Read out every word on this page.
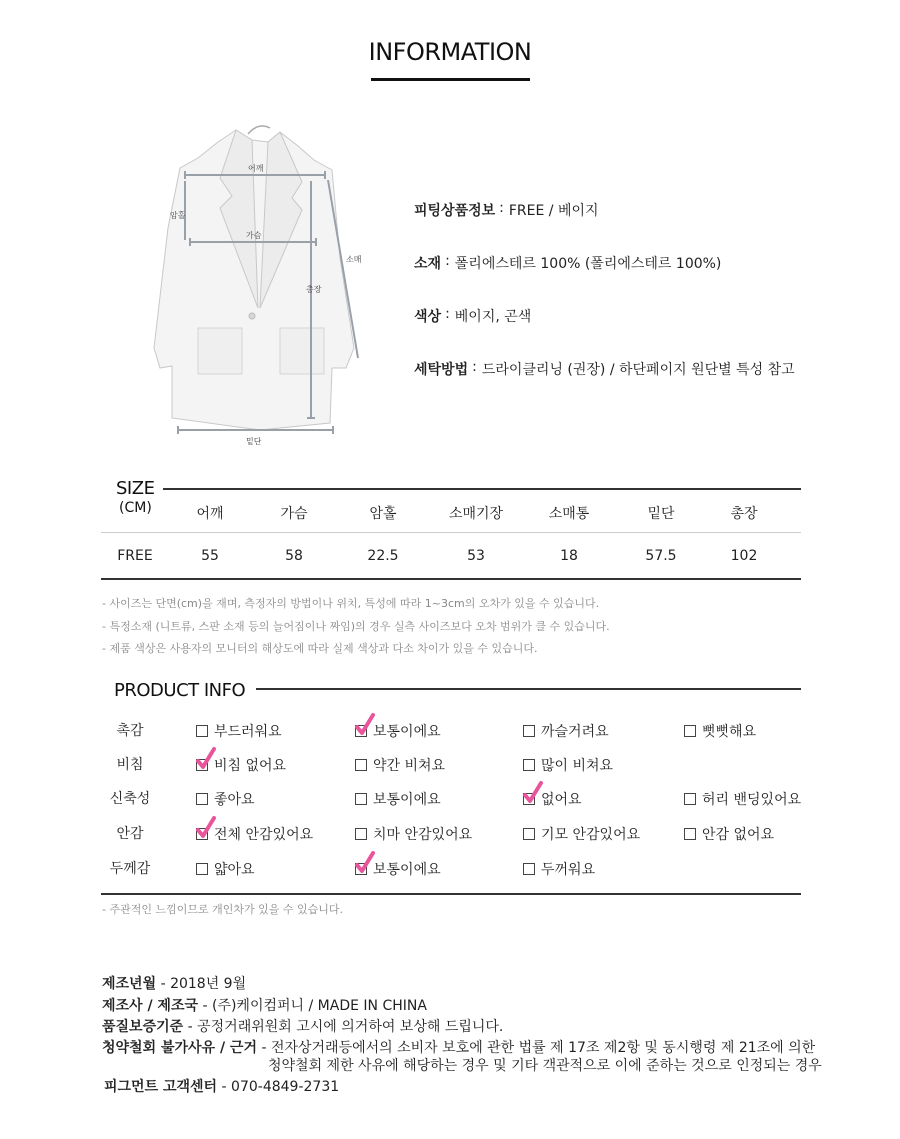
INFORMATION
어깨
암홀
가슴
소매
총장
밑단
피팅상품정보 : FREE / 베이지
소재 : 폴리에스테르 100% (폴리에스테르 100%)
색상 : 베이지, 곤색
세탁방법 : 드라이클리닝 (권장) / 하단페이지 원단별 특성 참고
SIZE
(CM)	어깨	가슴	암홀	소매기장	소매통	밑단	총장
FREE	55	58	22.5	53	18	57.5	102
- 사이즈는 단면(cm)을 재며, 측정자의 방법이나 위치, 특성에 따라 1~3cm의 오차가 있을 수 있습니다.
- 특정소재 (니트류, 스판 소재 등의 늘어짐이나 짜임)의 경우 실측 사이즈보다 오차 범위가 클 수 있습니다.
- 제품 색상은 사용자의 모니터의 해상도에 따라 실제 색상과 다소 차이가 있을 수 있습니다.
PRODUCT INFO
촉감	부드러워요	보통이에요	까슬거려요	뻣뻣해요
비침	비침 없어요	약간 비쳐요	많이 비쳐요
신축성	좋아요	보통이에요	없어요	허리 밴딩있어요
안감	전체 안감있어요	치마 안감있어요	기모 안감있어요	안감 없어요
두께감	얇아요	보통이에요	두꺼워요
- 주관적인 느낌이므로 개인차가 있을 수 있습니다.
제조년월 - 2018년 9월
제조사 / 제조국 - (주)케이컴퍼니 / MADE IN CHINA
품질보증기준 - 공정거래위원회 고시에 의거하여 보상해 드립니다.
청약철회 불가사유 / 근거 - 전자상거래등에서의 소비자 보호에 관한 법률 제 17조 제2항 및 동시행령 제 21조에 의한
청약철회 제한 사유에 해당하는 경우 및 기타 객관적으로 이에 준하는 것으로 인정되는 경우
피그먼트 고객센터 - 070-4849-2731
